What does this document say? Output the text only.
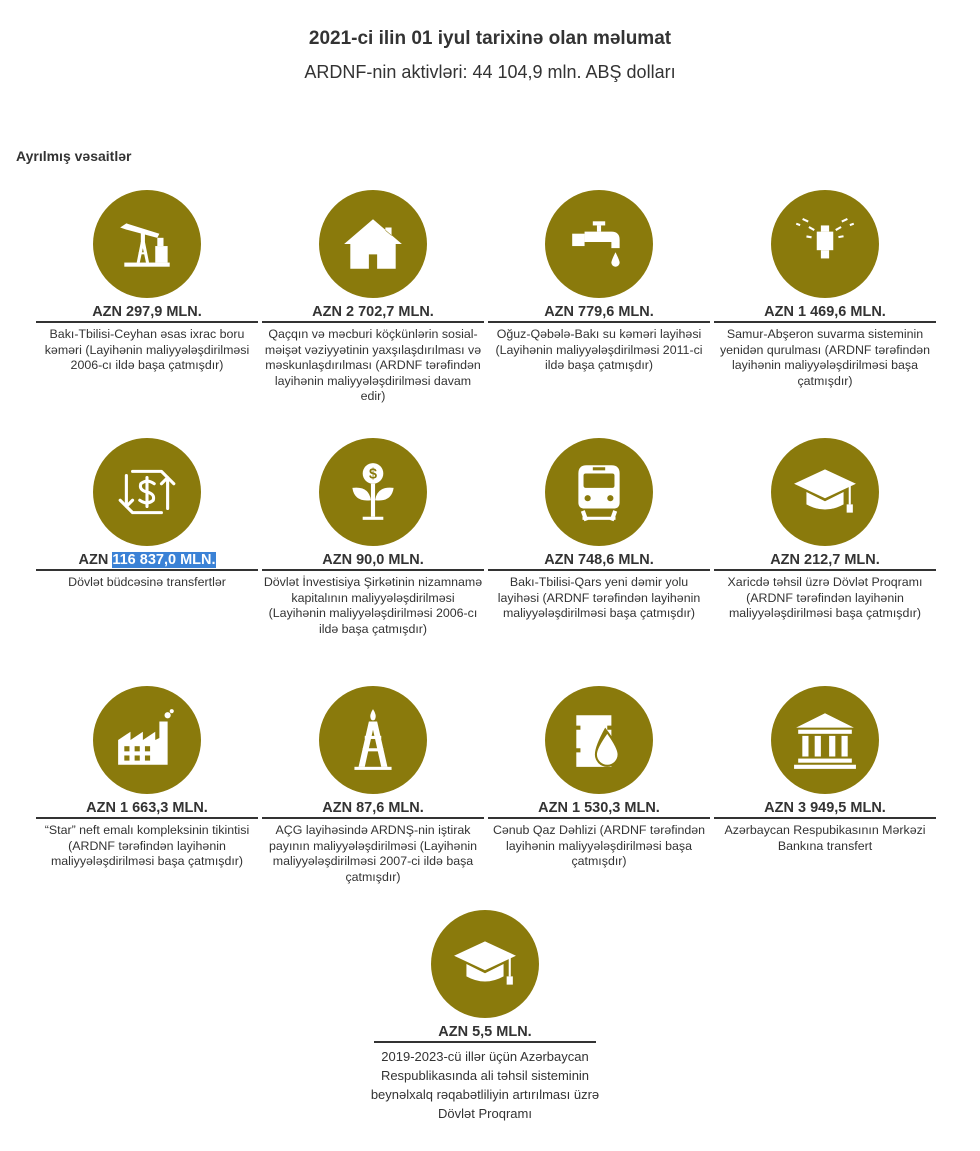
2021-ci ilin 01 iyul tarixinə olan məlumat
ARDNF-nin aktivləri: 44 104,9 mln. ABŞ dolları
Ayrılmış vəsaitlər
AZN 297,9 MLN.
Bakı-Tbilisi-Ceyhan əsas ixrac boru kəməri (Layihənin maliyyələşdirilməsi 2006-cı ildə başa çatmışdır)
AZN 2 702,7 MLN.
Qaçqın və məcburi köçkünlərin sosial-məişət vəziyyətinin yaxşılaşdırılması və məskunlaşdırılması (ARDNF tərəfindən layihənin maliyyələşdirilməsi davam edir)
AZN 779,6 MLN.
Oğuz-Qəbələ-Bakı su kəməri layihəsi (Layihənin maliyyələşdirilməsi 2011-ci ildə başa çatmışdır)
AZN 1 469,6 MLN.
Samur-Abşeron suvarma sisteminin yenidən qurulması (ARDNF tərəfindən layihənin maliyyələşdirilməsi başa çatmışdır)
AZN 116 837,0 MLN.
Dövlət büdcəsinə transfertlər
AZN 90,0 MLN.
Dövlət İnvestisiya Şirkətinin nizamnamə kapitalının maliyyələşdirilməsi (Layihənin maliyyələşdirilməsi 2006-cı ildə başa çatmışdır)
AZN 748,6 MLN.
Bakı-Tbilisi-Qars yeni dəmir yolu layihəsi (ARDNF tərəfindən layihənin maliyyələşdirilməsi başa çatmışdır)
AZN 212,7 MLN.
Xaricdə təhsil üzrə Dövlət Proqramı (ARDNF tərəfindən layihənin maliyyələşdirilməsi başa çatmışdır)
AZN 1 663,3 MLN.
“Star” neft emalı kompleksinin tikintisi (ARDNF tərəfindən layihənin maliyyələşdirilməsi başa çatmışdır)
AZN 87,6 MLN.
AÇG layihəsində ARDNŞ-nin iştirak payının maliyyələşdirilməsi (Layihənin maliyyələşdirilməsi 2007-ci ildə başa çatmışdır)
AZN 1 530,3 MLN.
Cənub Qaz Dəhlizi (ARDNF tərəfindən layihənin maliyyələşdirilməsi başa çatmışdır)
AZN 3 949,5 MLN.
Azərbaycan Respubikasının Mərkəzi Bankına transfert
AZN 5,5 MLN.
2019-2023-cü illər üçün Azərbaycan Respublikasında ali təhsil sisteminin beynəlxalq rəqabətliliyin artırılması üzrə Dövlət Proqramı
